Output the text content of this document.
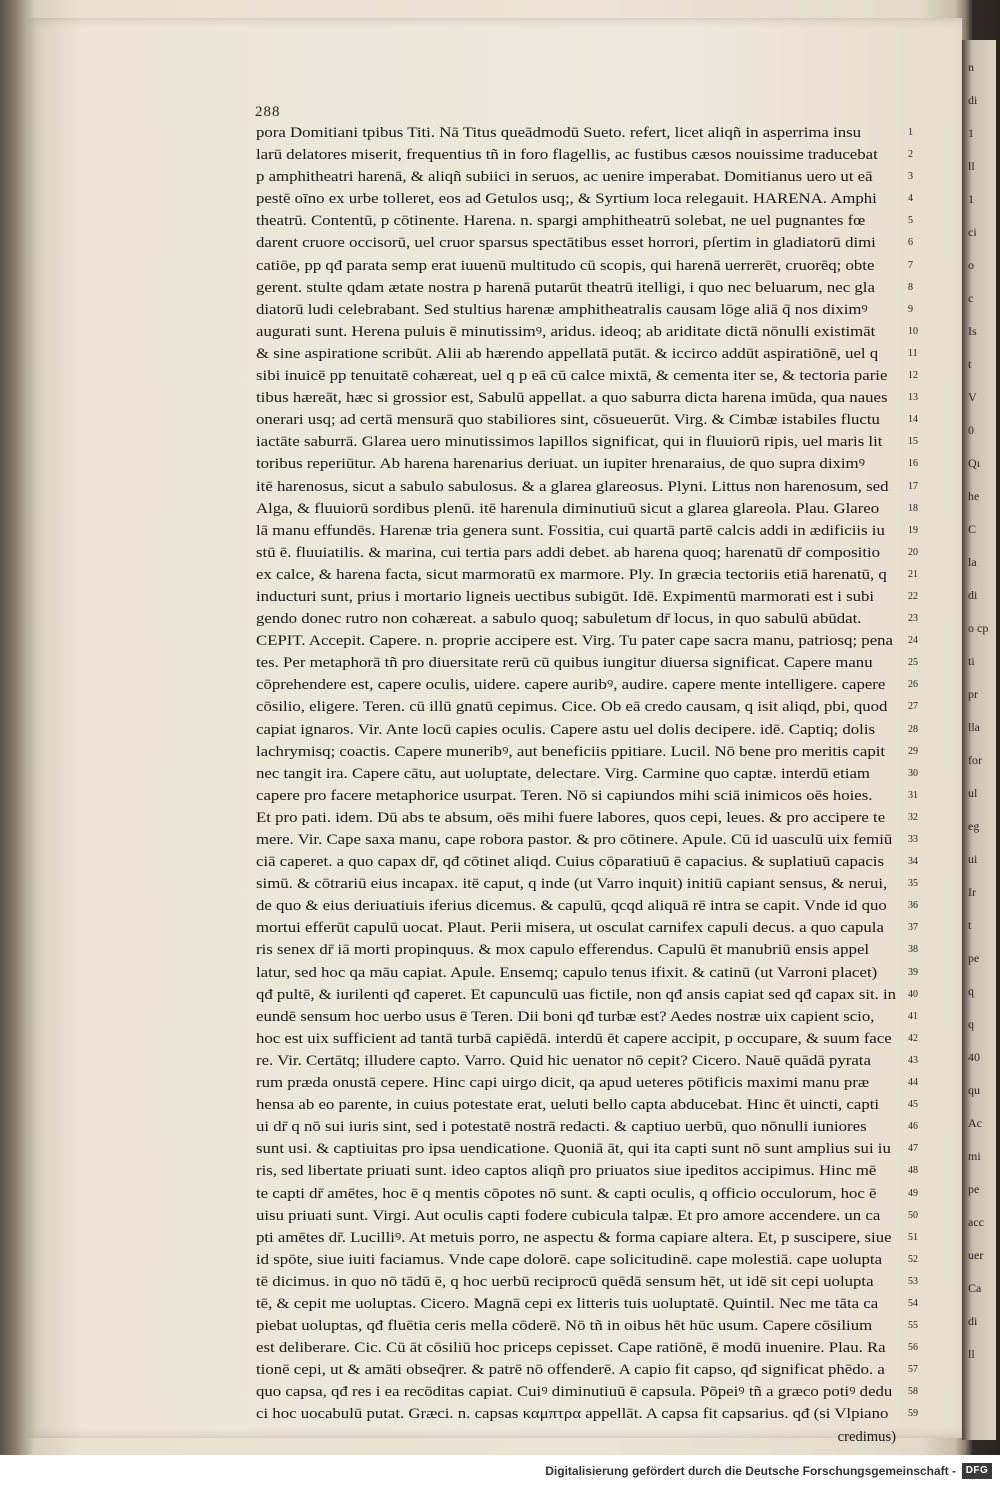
288
pora Domitiani tpibus Titi. Nā Titus queādmodū Sueto. refert, licet aliqñ in asperrima insu
larū delatores miserit, frequentius tñ in foro flagellis, ac fustibus cæsos nouissime traducebat
p amphitheatri harenā, & aliqñ subiici in seruos, ac uenire imperabat. Domitianus uero ut eā
pestē oīno ex urbe tolleret, eos ad Getulos usq;, & Syrtium loca relegauit. HARENA. Amphi
theatrū. Contentū, p cōtinente. Harena. n. spargi amphitheatrū solebat, ne uel pugnantes fœ
darent cruore occisorū, uel cruor sparsus spectātibus esset horrori, pſertim in gladiatorū dimi
catiōe, pp qđ parata semp erat iuuenū multitudo cū scopis, qui harenā uerrerēt, cruorēq; obte
gerent. stulte qdam ætate nostra p harenā putarūt theatrū itelligi, i quo nec beluarum, nec gla
diatorū ludi celebrabant. Sed stultius harenæ amphitheatralis causam lōge aliā q̄ nos diximꝰ
augurati sunt. Herena puluis ē minutissimꝰ, aridus. ideoq; ab ariditate dictā nōnulli existimāt
& sine aspiratione scribūt. Alii ab hærendo appellatā putāt. & iccirco addūt aspiratiōnē, uel q
sibi inuicē pp tenuitatē cohæreat, uel q p eā cū calce mixtā, & cementa iter se, & tectoria parie
tibus hæreāt, hæc si grossior est, Sabulū appellat. a quo saburra dicta harena imūda, qua naues
onerari usq; ad certā mensurā quo stabiliores sint, cōsueuerūt. Virg. & Cimbæ istabiles fluctu
iactāte saburrā. Glarea uero minutissimos lapillos significat, qui in fluuiorū ripis, uel maris lit
toribus reperiūtur. Ab harena harenarius deriuat. un iupiter hrenaraius, de quo supra diximꝰ
itē harenosus, sicut a sabulo sabulosus. & a glarea glareosus. Plyni. Littus non harenosum, sed
Alga, & fluuiorū sordibus plenū. itē harenula diminutiuū sicut a glarea glareola. Plau. Glareo
lā manu effundēs. Harenæ tria genera sunt. Fossitia, cui quartā partē calcis addi in ædificiis iu
stū ē. fluuiatilis. & marina, cui tertia pars addi debet. ab harena quoq; harenatū dr̄ compositio
ex calce, & harena facta, sicut marmoratū ex marmore. Ply. In græcia tectoriis etiā harenatū, q
inducturi sunt, prius i mortario ligneis uectibus subigūt. Idē. Expimentū marmorati est i subi
gendo donec rutro non cohæreat. a sabulo quoq; sabuletum dr̄ locus, in quo sabulū abūdat.
CEPIT. Accepit. Capere. n. proprie accipere est. Virg. Tu pater cape sacra manu, patriosq; pena
tes. Per metaphorā tñ pro diuersitate rerū cū quibus iungitur diuersa significat. Capere manu
cōprehendere est, capere oculis, uidere. capere auribꝰ, audire. capere mente intelligere. capere
cōsilio, eligere. Teren. cū illū gnatū cepimus. Cice. Ob eā credo causam, q isit aliqd, pbi, quod
capiat ignaros. Vir. Ante locū capies oculis. Capere astu uel dolis decipere. idē. Captiq; dolis
lachrymisq; coactis. Capere muneribꝰ, aut beneficiis ppitiare. Lucil. Nō bene pro meritis capit
nec tangit ira. Capere cātu, aut uoluptate, delectare. Virg. Carmine quo captæ. interdū etiam
capere pro facere metaphorice usurpat. Teren. Nō si capiundos mihi sciā inimicos oēs hoies.
Et pro pati. idem. Dū abs te absum, oēs mihi fuere labores, quos cepi, leues. & pro accipere te
mere. Vir. Cape saxa manu, cape robora pastor. & pro cōtinere. Apule. Cū id uasculū uix femiū
ciā caperet. a quo capax dr̄, qđ cōtinet aliqd. Cuius cōparatiuū ē capacius. & suplatiuū capacis
simū. & cōtrariū eius incapax. itē caput, q inde (ut Varro inquit) initiū capiant sensus, & nerui,
de quo & eius deriuatiuis iferius dicemus. & capulū, qcqd aliquā rē intra se capit. Vnde id quo
mortui efferūt capulū uocat. Plaut. Perii misera, ut osculat carnifex capuli decus. a quo capula
ris senex dr̄ iā morti propinquus. & mox capulo efferendus. Capulū ēt manubriū ensis appel
latur, sed hoc qa māu capiat. Apule. Ensemq; capulo tenus ifixit. & catinū (ut Varroni placet)
qđ pultē, & iurilenti qđ caperet. Et capunculū uas fictile, non qđ ansis capiat sed qđ capax sit. in
eundē sensum hoc uerbo usus ē Teren. Dii boni qđ turbæ est? Aedes nostræ uix capient scio,
hoc est uix sufficient ad tantā turbā capiēdā. interdū ēt capere accipit, p occupare, & suum face
re. Vir. Certātq; illudere capto. Varro. Quid hic uenator nō cepit? Cicero. Nauē quādā pyrata
rum præda onustā cepere. Hinc capi uirgo dicit, qa apud ueteres pōtificis maximi manu præ
hensa ab eo parente, in cuius potestate erat, ueluti bello capta abducebat. Hinc ēt uincti, capti
ui dr̄ q nō sui iuris sint, sed i potestatē nostrā redacti. & captiuo uerbū, quo nōnulli iuniores
sunt usi. & captiuitas pro ipsa uendicatione. Quoniā āt, qui ita capti sunt nō sunt amplius sui iu
ris, sed libertate priuati sunt. ideo captos aliqñ pro priuatos siue ipeditos accipimus. Hinc mē
te capti dr̄ amētes, hoc ē q mentis cōpotes nō sunt. & capti oculis, q officio occulorum, hoc ē
uisu priuati sunt. Virgi. Aut oculis capti fodere cubicula talpæ. Et pro amore accendere. un ca
pti amētes dr̄. Lucilliꝰ. At metuis porro, ne aspectu & forma capiare altera. Et, p suscipere, siue
id spōte, siue iuiti faciamus. Vnde cape dolorē. cape solicitudinē. cape molestiā. cape uolupta
tē dicimus. in quo nō tādū ē, q hoc uerbū reciprocū quēdā sensum hēt, ut idē sit cepi uolupta
tē, & cepit me uoluptas. Cicero. Magnā cepi ex litteris tuis uoluptatē. Quintil. Nec me tāta ca
piebat uoluptas, qđ fluētia ceris mella cōderē. Nō tñ in oibus hēt hūc usum. Capere cōsilium
est deliberare. Cic. Cū āt cōsiliū hoc priceps cepisset. Cape ratiōnē, ē modū inuenire. Plau. Ra
tionē cepi, ut & amāti obseq̄rer. & patrē nō offenderē. A capio fit capso, qđ significat phēdo. a
quo capsa, qđ res i ea recōditas capiat. Cuiꝰ diminutiuū ē capsula. Pōpeiꝰ tñ a græco potiꝰ dedu
ci hoc uocabulū putat. Græci. n. capsas καμπτρα appellāt. A capsa fit capsarius. qđ (si Vlpiano
credimus)
1
2
3
4
5
6
7
8
9
10
11
12
13
14
15
16
17
18
19
20
21
22
23
24
25
26
27
28
29
30
31
32
33
34
35
36
37
38
39
40
41
42
43
44
45
46
47
48
49
50
51
52
53
54
55
56
57
58
59
n
di
1
ll
1
ci
o
c
Is
t
V
0
Qı
he
C
la
di
o cp
ti
pr
lla
for
ul
eg
ui
Ir
t
pe
q
q
40
qu
Ac
mi
pe
acc
uer
Ca
di
ll
Digitalisierung gefördert durch die Deutsche Forschungsgemeinschaft - DFG
